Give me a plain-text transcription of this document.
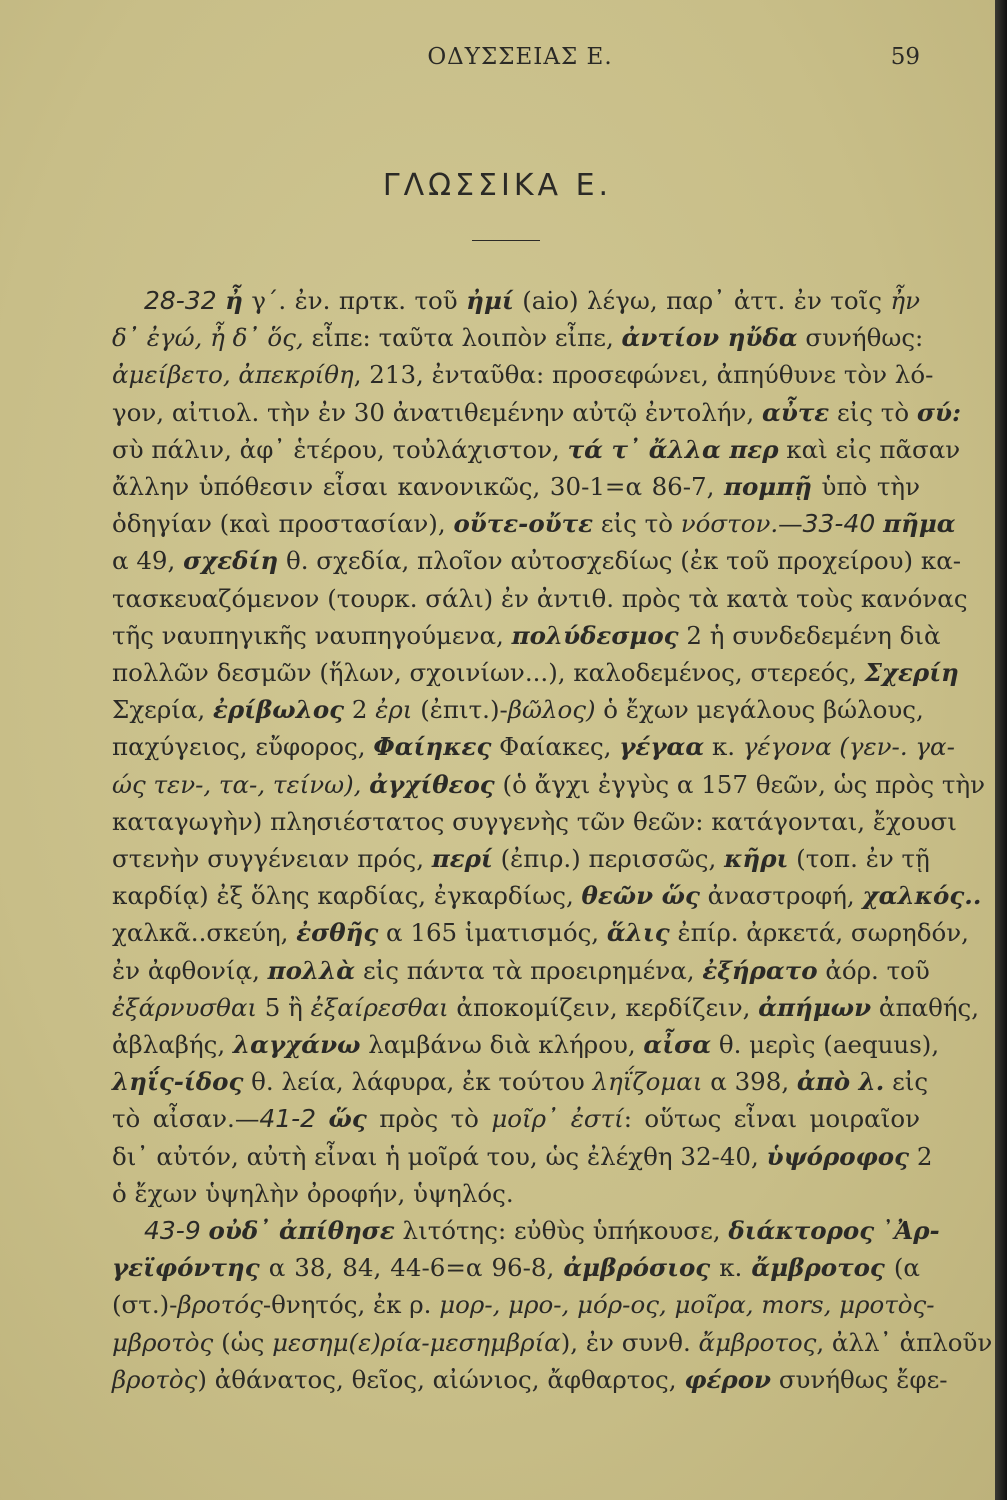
ΟΔΥΣΣΕΙΑΣ Ε.	59
ΓΛΩΣΣΙΚΑ Ε.

28-32 ἦ γ΄. ἐν. πρτκ. τοῦ ἠμί (aio) λέγω, παρ᾽ ἀττ. ἐν τοῖς ἦν
δ᾽ ἐγώ, ἦ δ᾽ ὅς, εἶπε: ταῦτα λοιπὸν εἶπε, ἀντίον ηὔδα συνήθως:
ἀμείβετο, ἀπεκρίθη, 213, ἐνταῦθα: προσεφώνει, ἀπηύθυνε τὸν λό-
γον, αἰτιολ. τὴν ἐν 30 ἀνατιθεμένην αὐτῷ ἐντολήν, αὖτε εἰς τὸ σύ:
σὺ πάλιν, ἀφ᾽ ἑτέρου, τοὐλάχιστον, τά τ᾽ ἄλλα περ καὶ εἰς πᾶσαν
ἄλλην ὑπόθεσιν εἶσαι κανονικῶς, 30-1=α 86-7, πομπῇ ὑπὸ τὴν
ὁδηγίαν (καὶ προστασίαν), οὔτε-οὔτε εἰς τὸ νόστον.—33-40 πῆμα
α 49, σχεδίη θ. σχεδία, πλοῖον αὐτοσχεδίως (ἐκ τοῦ προχείρου) κα-
τασκευαζόμενον (τουρκ. σάλι) ἐν ἀντιθ. πρὸς τὰ κατὰ τοὺς κανόνας
τῆς ναυπηγικῆς ναυπηγούμενα, πολύδεσμος 2 ἡ συνδεδεμένη διὰ
πολλῶν δεσμῶν (ἥλων, σχοινίων...), καλοδεμένος, στερεός, Σχερίη
Σχερία, ἐρίβωλος 2 ἐρι (ἐπιτ.)-βῶλος) ὁ ἔχων μεγάλους βώλους,
παχύγειος, εὔφορος, Φαίηκες Φαίακες, γέγαα κ. γέγονα (γεν-. γα-
ώς τεν-, τα-, τείνω), ἀγχίθεος (ὁ ἄγχι ἐγγὺς α 157 θεῶν, ὡς πρὸς τὴν
καταγωγὴν) πλησιέστατος συγγενὴς τῶν θεῶν: κατάγονται, ἔχουσι
στενὴν συγγένειαν πρός, περί (ἐπιρ.) περισσῶς, κῆρι (τοπ. ἐν τῇ
καρδίᾳ) ἐξ ὅλης καρδίας, ἐγκαρδίως, θεῶν ὥς ἀναστροφή, χαλκός..
χαλκᾶ..σκεύη, ἐσθῆς α 165 ἱματισμός, ἅλις ἐπίρ. ἀρκετά, σωρηδόν,
ἐν ἀφθονίᾳ, πολλὰ εἰς πάντα τὰ προειρημένα, ἐξήρατο ἀόρ. τοῦ
ἐξάρνυσθαι 5 ἢ ἐξαίρεσθαι ἀποκομίζειν, κερδίζειν, ἀπήμων ἀπαθής,
ἀβλαβής, λαγχάνω λαμβάνω διὰ κλήρου, αἶσα θ. μερὶς (aequus),
ληΐς-ίδος θ. λεία, λάφυρα, ἐκ τούτου ληΐζομαι α 398, ἀπὸ λ. εἰς
τὸ αἶσαν.—41-2 ὥς πρὸς τὸ μοῖρ᾽ ἐστί: οὕτως εἶναι μοιραῖον
δι᾽ αὐτόν, αὐτὴ εἶναι ἡ μοῖρά του, ὡς ἐλέχθη 32-40, ὑψόροφος 2
ὁ ἔχων ὑψηλὴν ὀροφήν, ὑψηλός.

43-9 οὐδ᾽ ἀπίθησε λιτότης: εὐθὺς ὑπήκουσε, διάκτορος ᾿Ἀρ-
γεϊφόντης α 38, 84, 44-6=α 96-8, ἀμβρόσιος κ. ἄμβροτος (α
(στ.)-βροτός-θνητός, ἐκ ρ. μορ-, μρο-, μόρ-ος, μοῖρα, mors, μροτὸς-
μβροτὸς (ὡς μεσημ(ε)ρία-μεσημβρία), ἐν συνθ. ἄμβροτος, ἀλλ᾽ ἁπλοῦν
βροτὸς) ἀθάνατος, θεῖος, αἰώνιος, ἄφθαρτος, φέρον συνήθως ἔφε-
